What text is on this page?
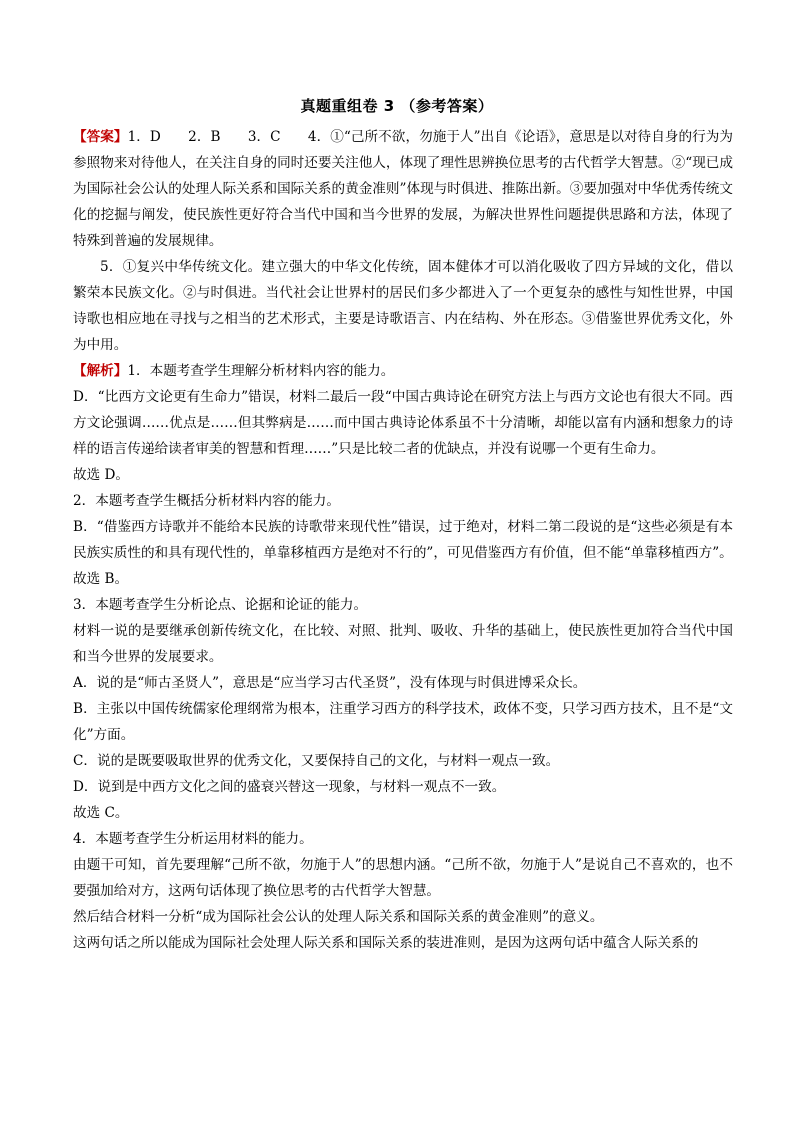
真题重组卷 3 （参考答案）

【答案】1．D　　2．B　　3．C　　4．①“己所不欲，勿施于人”出自《论语》，意思是以对待自身的行为为参照物来对待他人，在关注自身的同时还要关注他人，体现了理性思辨换位思考的古代哲学大智慧。②“现已成为国际社会公认的处理人际关系和国际关系的黄金准则”体现与时俱进、推陈出新。③要加强对中华优秀传统文化的挖掘与阐发，使民族性更好符合当代中国和当今世界的发展，为解决世界性问题提供思路和方法，体现了特殊到普遍的发展规律。

5．①复兴中华传统文化。建立强大的中华文化传统，固本健体才可以消化吸收了四方异域的文化，借以繁荣本民族文化。②与时俱进。当代社会让世界村的居民们多少都进入了一个更复杂的感性与知性世界，中国诗歌也相应地在寻找与之相当的艺术形式，主要是诗歌语言、内在结构、外在形态。③借鉴世界优秀文化，外为中用。

【解析】1．本题考查学生理解分析材料内容的能力。

D．“比西方文论更有生命力”错误，材料二最后一段“中国古典诗论在研究方法上与西方文论也有很大不同。西方文论强调……优点是……但其弊病是……而中国古典诗论体系虽不十分清晰，却能以富有内涵和想象力的诗样的语言传递给读者审美的智慧和哲理……”只是比较二者的优缺点，并没有说哪一个更有生命力。

故选 D。

2．本题考查学生概括分析材料内容的能力。

B．“借鉴西方诗歌并不能给本民族的诗歌带来现代性”错误，过于绝对，材料二第二段说的是“这些必须是有本民族实质性的和具有现代性的，单靠移植西方是绝对不行的”，可见借鉴西方有价值，但不能“单靠移植西方”。

故选 B。

3．本题考查学生分析论点、论据和论证的能力。

材料一说的是要继承创新传统文化，在比较、对照、批判、吸收、升华的基础上，使民族性更加符合当代中国和当今世界的发展要求。

A．说的是“师古圣贤人”，意思是“应当学习古代圣贤”，没有体现与时俱进博采众长。

B．主张以中国传统儒家伦理纲常为根本，注重学习西方的科学技术，政体不变，只学习西方技术，且不是“文化”方面。

C．说的是既要吸取世界的优秀文化，又要保持自己的文化，与材料一观点一致。

D．说到是中西方文化之间的盛衰兴替这一现象，与材料一观点不一致。

故选 C。

4．本题考查学生分析运用材料的能力。

由题干可知，首先要理解“己所不欲，勿施于人”的思想内涵。“己所不欲，勿施于人”是说自己不喜欢的，也不要强加给对方，这两句话体现了换位思考的古代哲学大智慧。

然后结合材料一分析“成为国际社会公认的处理人际关系和国际关系的黄金准则”的意义。

这两句话之所以能成为国际社会处理人际关系和国际关系的装进准则，是因为这两句话中蕴含人际关系的
